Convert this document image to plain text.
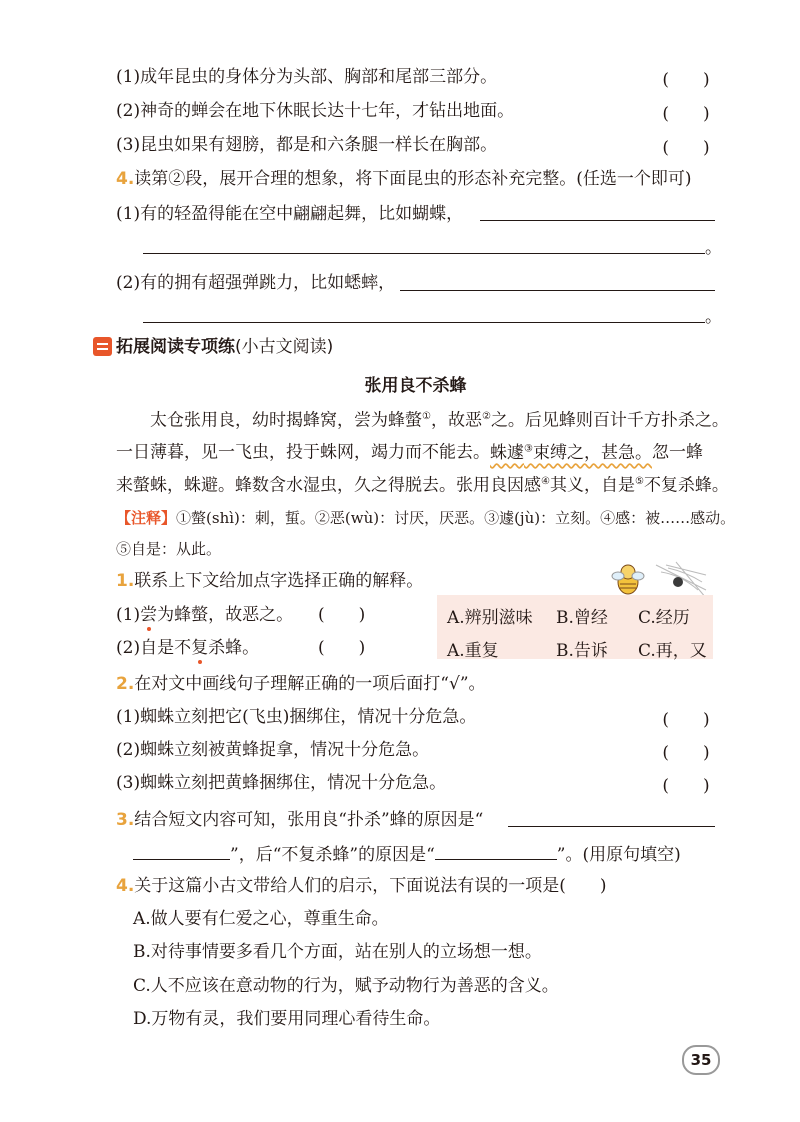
(1)成年昆虫的身体分为头部、胸部和尾部三部分。	(　　)
(2)神奇的蝉会在地下休眠长达十七年，才钻出地面。	(　　)
(3)昆虫如果有翅膀，都是和六条腿一样长在胸部。	(　　)
4.读第②段，展开合理的想象，将下面昆虫的形态补充完整。(任选一个即可)
(1)有的轻盈得能在空中翩翩起舞，比如蝴蝶，
。
(2)有的拥有超强弹跳力，比如蟋蟀，
。
拓展阅读专项练(小古文阅读)
张用良不杀蜂
太仓张用良，幼时揭蜂窝，尝为蜂螫①，故恶②之。后见蜂则百计千方扑杀之。
一日薄暮，见一飞虫，投于蛛网，竭力而不能去。蛛遽③束缚之，甚急。忽一蜂
来螫蛛，蛛避。蜂数含水湿虫，久之得脱去。张用良因感④其义，自是⑤不复杀蜂。
【注释】①螫(shì)：刺，蜇。②恶(wù)：讨厌，厌恶。③遽(jù)：立刻。④感：被……感动。
⑤自是：从此。
1.联系上下文给加点字选择正确的解释。
(1)尝为蜂螫，故恶之。 (　　)
(2)自是不复杀蜂。	(　　)
A.辨别滋味 B.曾经 C.经历
A.重复	B.告诉 C.再，又
2.在对文中画线句子理解正确的一项后面打“√”。
(1)蜘蛛立刻把它(飞虫)捆绑住，情况十分危急。	(　　)
(2)蜘蛛立刻被黄蜂捉拿，情况十分危急。	(　　)
(3)蜘蛛立刻把黄蜂捆绑住，情况十分危急。	(　　)
3.结合短文内容可知，张用良“扑杀”蜂的原因是“
”，后“不复杀蜂”的原因是“	”。(用原句填空)
4.关于这篇小古文带给人们的启示，下面说法有误的一项是(　　)
A.做人要有仁爱之心，尊重生命。
B.对待事情要多看几个方面，站在别人的立场想一想。
C.人不应该在意动物的行为，赋予动物行为善恶的含义。
D.万物有灵，我们要用同理心看待生命。
35
